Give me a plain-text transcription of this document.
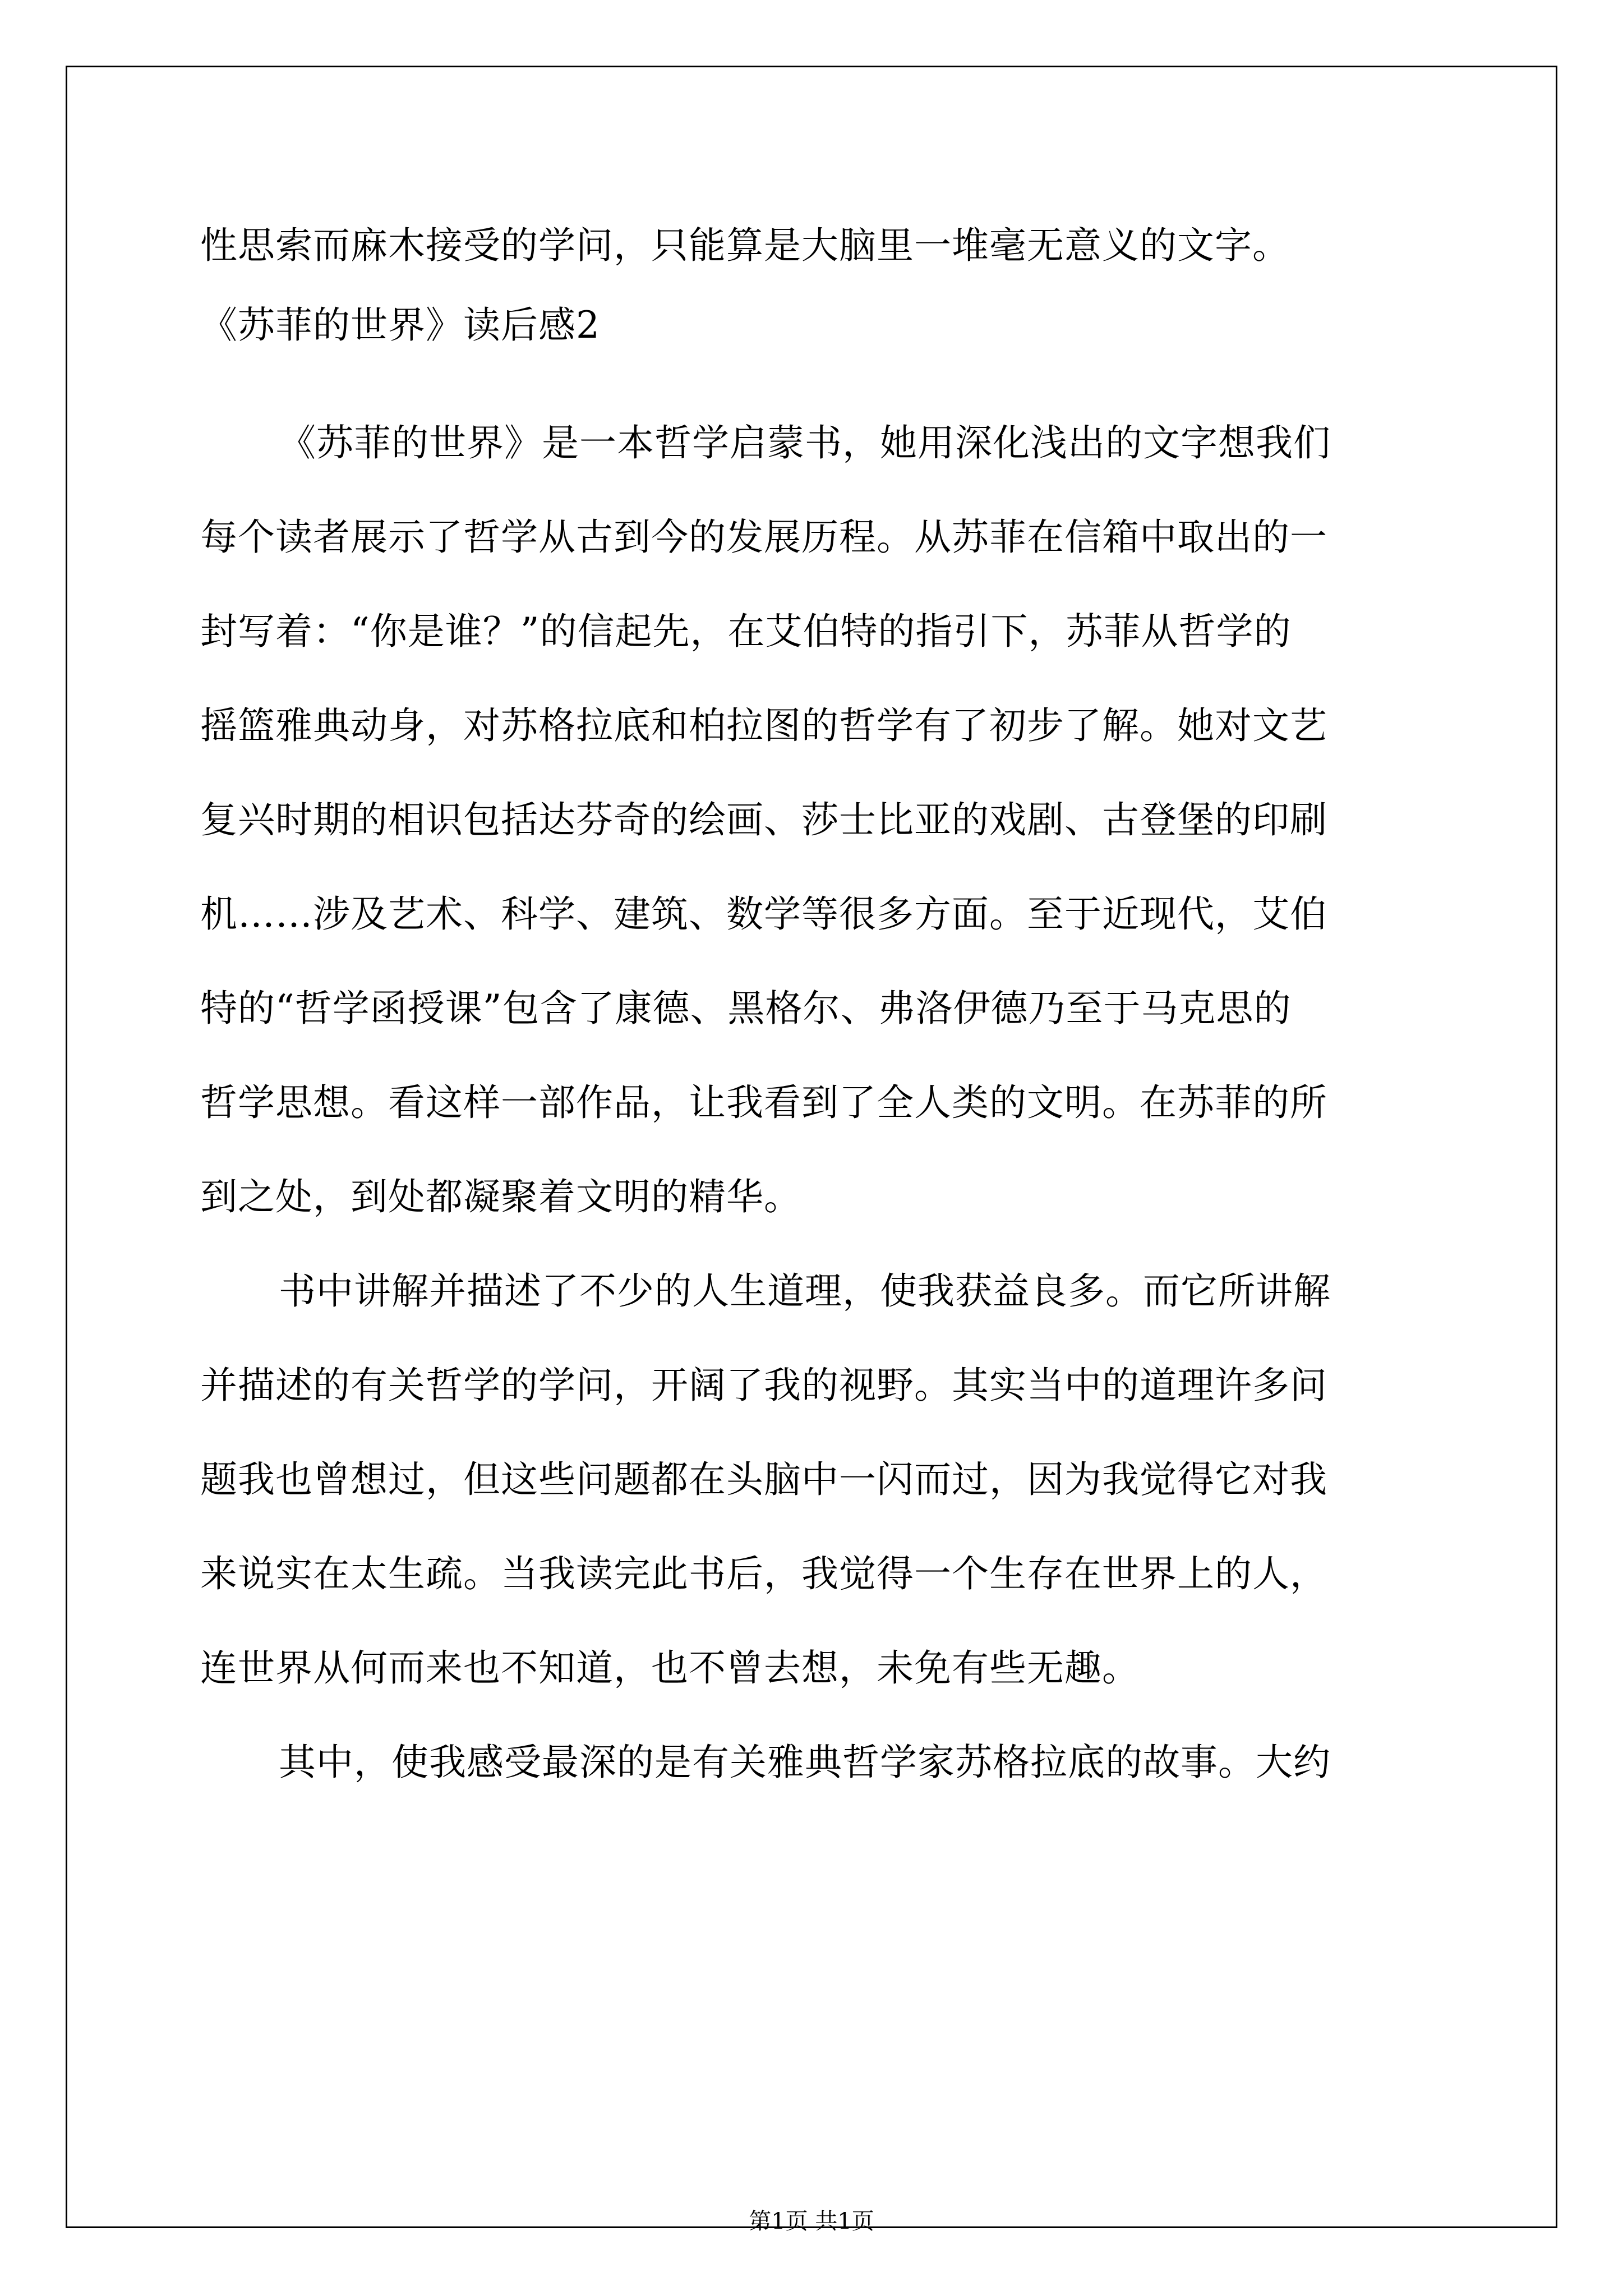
性思索而麻木接受的学问，只能算是大脑里一堆毫无意义的文字。
《苏菲的世界》读后感2
《苏菲的世界》是一本哲学启蒙书，她用深化浅出的文字想我们
每个读者展示了哲学从古到今的发展历程。从苏菲在信箱中取出的一
封写着：“你是谁？”的信起先，在艾伯特的指引下，苏菲从哲学的
摇篮雅典动身，对苏格拉底和柏拉图的哲学有了初步了解。她对文艺
复兴时期的相识包括达芬奇的绘画、莎士比亚的戏剧、古登堡的印刷
机……涉及艺术、科学、建筑、数学等很多方面。至于近现代，艾伯
特的“哲学函授课”包含了康德、黑格尔、弗洛伊德乃至于马克思的
哲学思想。看这样一部作品，让我看到了全人类的文明。在苏菲的所
到之处，到处都凝聚着文明的精华。
书中讲解并描述了不少的人生道理，使我获益良多。而它所讲解
并描述的有关哲学的学问，开阔了我的视野。其实当中的道理许多问
题我也曾想过，但这些问题都在头脑中一闪而过，因为我觉得它对我
来说实在太生疏。当我读完此书后，我觉得一个生存在世界上的人，
连世界从何而来也不知道，也不曾去想，未免有些无趣。
其中，使我感受最深的是有关雅典哲学家苏格拉底的故事。大约
第1页 共1页
